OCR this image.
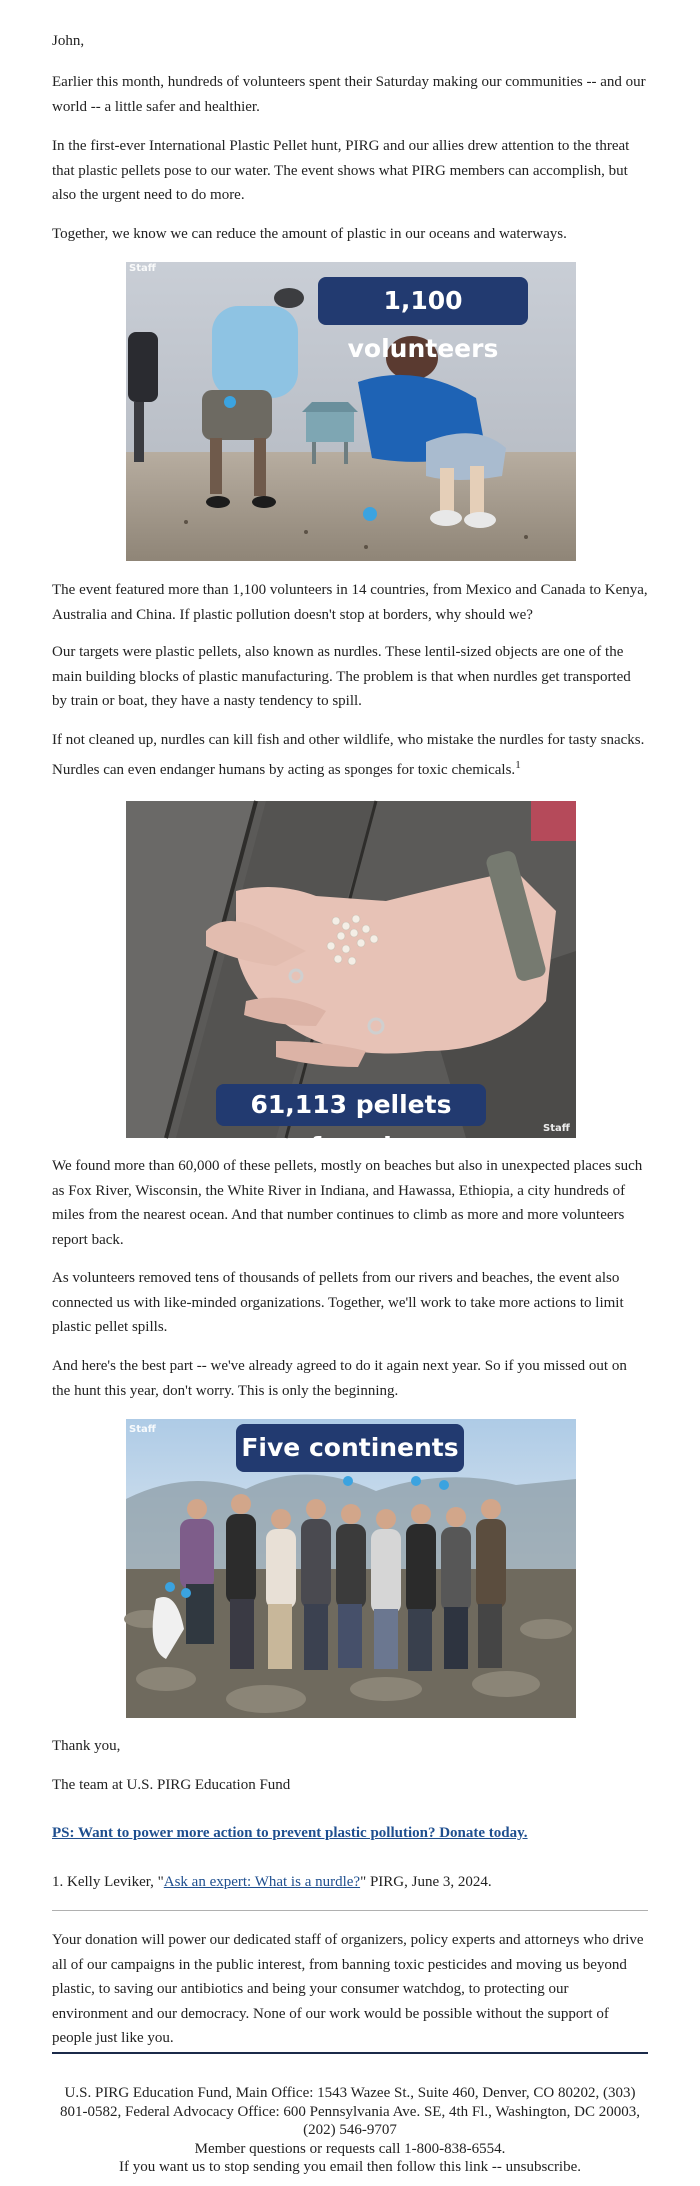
John,

Earlier this month, hundreds of volunteers spent their Saturday making our communities -- and our world -- a little safer and healthier.

In the first-ever International Plastic Pellet hunt, PIRG and our allies drew attention to the threat that plastic pellets pose to our water. The event shows what PIRG members can accomplish, but also the urgent need to do more.

Together, we know we can reduce the amount of plastic in our oceans and waterways.

1,100 volunteers
Staff

The event featured more than 1,100 volunteers in 14 countries, from Mexico and Canada to Kenya, Australia and China. If plastic pollution doesn't stop at borders, why should we?

Our targets were plastic pellets, also known as nurdles. These lentil-sized objects are one of the main building blocks of plastic manufacturing. The problem is that when nurdles get transported by train or boat, they have a nasty tendency to spill.

If not cleaned up, nurdles can kill fish and other wildlife, who mistake the nurdles for tasty snacks. Nurdles can even endanger humans by acting as sponges for toxic chemicals.$^1$

61,113 pellets found
Staff

We found more than 60,000 of these pellets, mostly on beaches but also in unexpected places such as Fox River, Wisconsin, the White River in Indiana, and Hawassa, Ethiopia, a city hundreds of miles from the nearest ocean. And that number continues to climb as more and more volunteers report back.

As volunteers removed tens of thousands of pellets from our rivers and beaches, the event also connected us with like-minded organizations. Together, we'll work to take more actions to limit plastic pellet spills.

And here's the best part -- we've already agreed to do it again next year. So if you missed out on the hunt this year, don't worry. This is only the beginning.

Five continents
Staff

Thank you,

The team at U.S. PIRG Education Fund

PS: Want to power more action to prevent plastic pollution? Donate today.

1. Kelly Leviker, "Ask an expert: What is a nurdle?" PIRG, June 3, 2024.

Your donation will power our dedicated staff of organizers, policy experts and attorneys who drive all of our campaigns in the public interest, from banning toxic pesticides and moving us beyond plastic, to saving our antibiotics and being your consumer watchdog, to protecting our environment and our democracy. None of our work would be possible without the support of people just like you.

U.S. PIRG Education Fund, Main Office: 1543 Wazee St., Suite 460, Denver, CO 80202, (303) 801-0582, Federal Advocacy Office: 600 Pennsylvania Ave. SE, 4th Fl., Washington, DC 20003, (202) 546-9707
Member questions or requests call 1-800-838-6554.
If you want us to stop sending you email then follow this link -- unsubscribe.
